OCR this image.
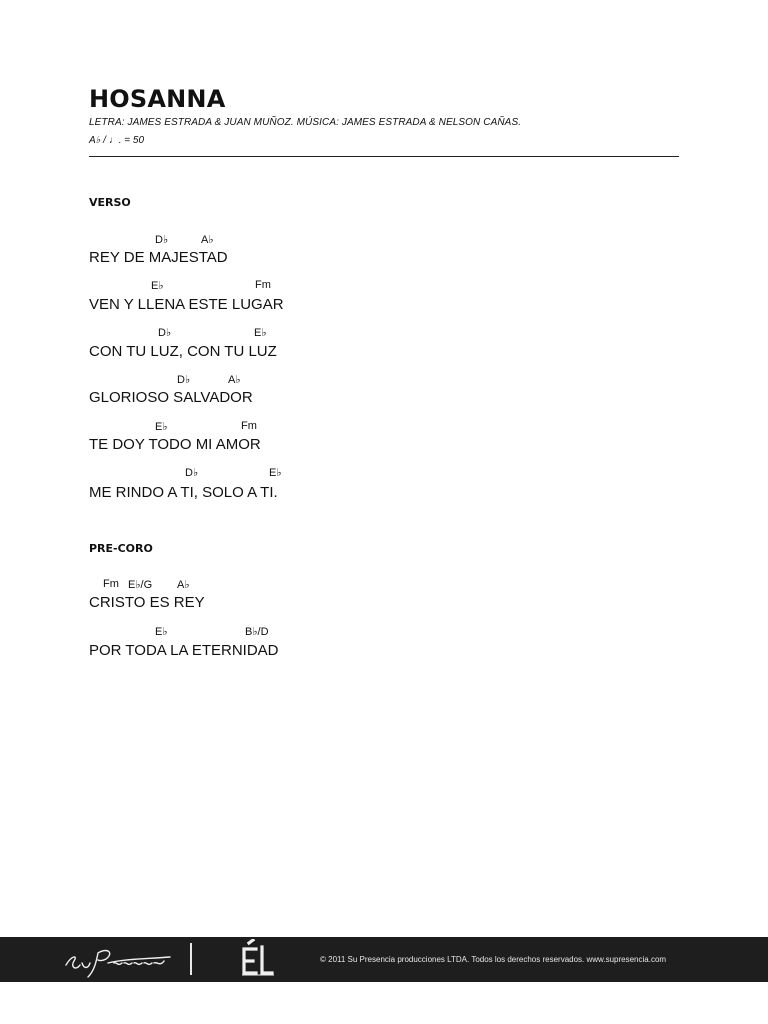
HOSANNA
LETRA: JAMES ESTRADA & JUAN MUÑOZ. MÚSICA: JAMES ESTRADA & NELSON CAÑAS.
A♭ / ♩. = 50
VERSO
D♭	A♭
REY DE MAJESTAD
E♭	Fm
VEN Y LLENA ESTE LUGAR
D♭	E♭
CON TU LUZ, CON TU LUZ
D♭	A♭
GLORIOSO SALVADOR
E♭	Fm
TE DOY TODO MI AMOR
D♭	E♭
ME RINDO A TI, SOLO A TI.
PRE-CORO
Fm E♭/G A♭
CRISTO ES REY
E♭	B♭/D
POR TODA LA ETERNIDAD
© 2011 Su Presencia producciones LTDA. Todos los derechos reservados. www.supresencia.com
